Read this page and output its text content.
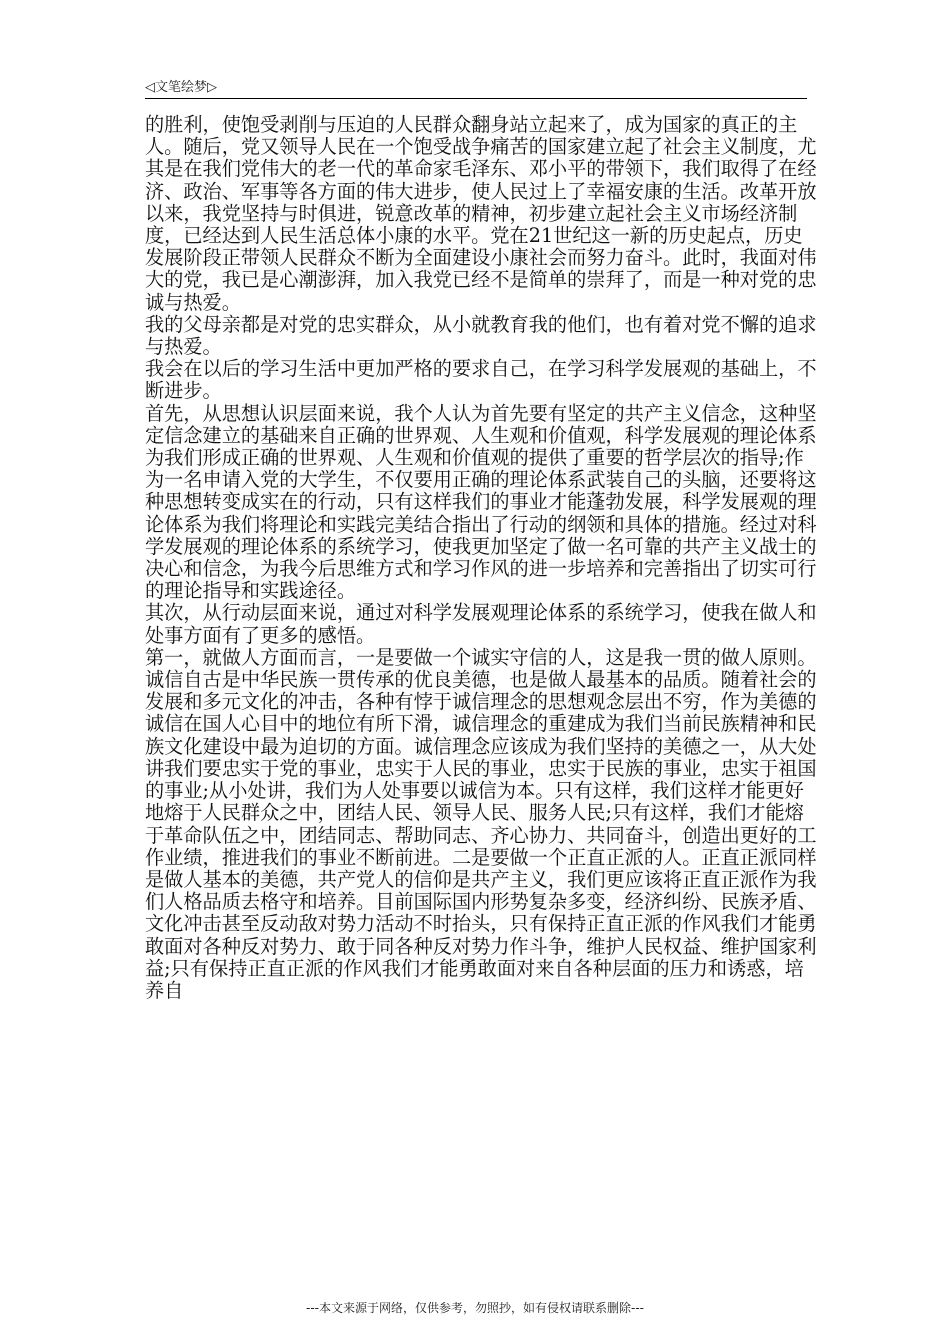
◁文笔绘梦▷

的胜利，使饱受剥削与压迫的人民群众翻身站立起来了，成为国家的真正的主人。随后，党又领导人民在一个饱受战争痛苦的国家建立起了社会主义制度，尤其是在我们党伟大的老一代的革命家毛泽东、邓小平的带领下，我们取得了在经济、政治、军事等各方面的伟大进步，使人民过上了幸福安康的生活。改革开放以来，我党坚持与时俱进，锐意改革的精神，初步建立起社会主义市场经济制度，已经达到人民生活总体小康的水平。党在21世纪这一新的历史起点，历史发展阶段正带领人民群众不断为全面建设小康社会而努力奋斗。此时，我面对伟大的党，我已是心潮澎湃，加入我党已经不是简单的崇拜了，而是一种对党的忠诚与热爱。

我的父母亲都是对党的忠实群众，从小就教育我的他们，也有着对党不懈的追求与热爱。

我会在以后的学习生活中更加严格的要求自己，在学习科学发展观的基础上，不断进步。

首先，从思想认识层面来说，我个人认为首先要有坚定的共产主义信念，这种坚定信念建立的基础来自正确的世界观、人生观和价值观，科学发展观的理论体系为我们形成正确的世界观、人生观和价值观的提供了重要的哲学层次的指导;作为一名申请入党的大学生，不仅要用正确的理论体系武装自己的头脑，还要将这种思想转变成实在的行动，只有这样我们的事业才能蓬勃发展，科学发展观的理论体系为我们将理论和实践完美结合指出了行动的纲领和具体的措施。经过对科学发展观的理论体系的系统学习，使我更加坚定了做一名可靠的共产主义战士的决心和信念，为我今后思维方式和学习作风的进一步培养和完善指出了切实可行的理论指导和实践途径。

其次，从行动层面来说，通过对科学发展观理论体系的系统学习，使我在做人和处事方面有了更多的感悟。

第一，就做人方面而言，一是要做一个诚实守信的人，这是我一贯的做人原则。诚信自古是中华民族一贯传承的优良美德，也是做人最基本的品质。随着社会的发展和多元文化的冲击，各种有悖于诚信理念的思想观念层出不穷，作为美德的诚信在国人心目中的地位有所下滑，诚信理念的重建成为我们当前民族精神和民族文化建设中最为迫切的方面。诚信理念应该成为我们坚持的美德之一，从大处讲我们要忠实于党的事业，忠实于人民的事业，忠实于民族的事业，忠实于祖国的事业;从小处讲，我们为人处事要以诚信为本。只有这样，我们这样才能更好地熔于人民群众之中，团结人民、领导人民、服务人民;只有这样，我们才能熔于革命队伍之中，团结同志、帮助同志、齐心协力、共同奋斗，创造出更好的工作业绩，推进我们的事业不断前进。二是要做一个正直正派的人。正直正派同样是做人基本的美德，共产党人的信仰是共产主义，我们更应该将正直正派作为我们人格品质去格守和培养。目前国际国内形势复杂多变，经济纠纷、民族矛盾、文化冲击甚至反动敌对势力活动不时抬头，只有保持正直正派的作风我们才能勇敢面对各种反对势力、敢于同各种反对势力作斗争，维护人民权益、维护国家利益;只有保持正直正派的作风我们才能勇敢面对来自各种层面的压力和诱惑，培养自

---本文来源于网络，仅供参考，勿照抄，如有侵权请联系删除---
